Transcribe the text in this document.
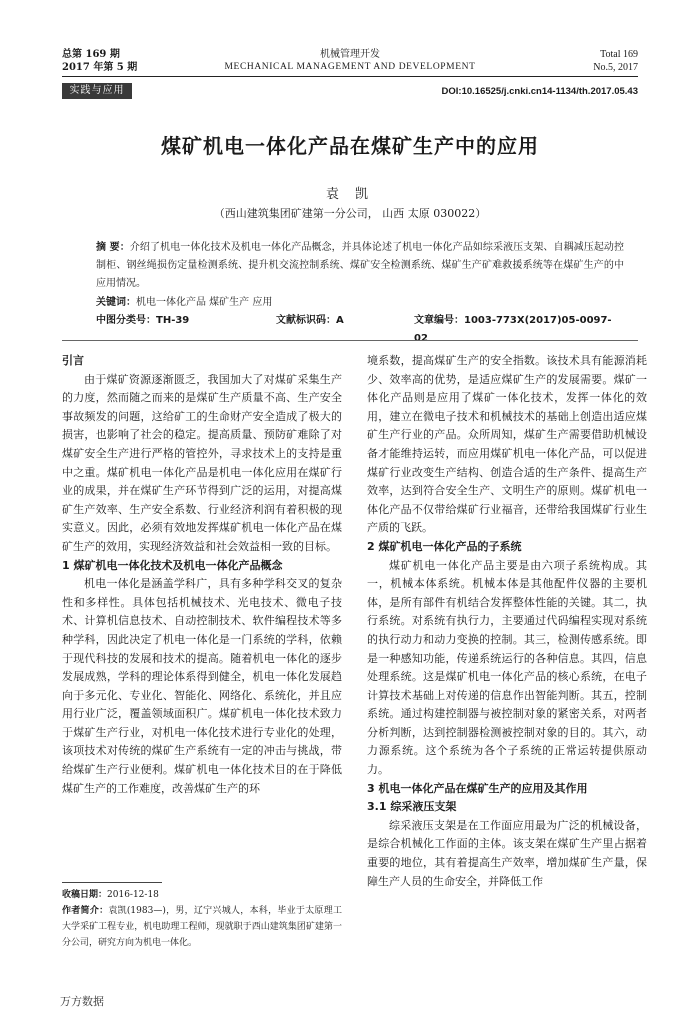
总第 169 期
2017 年第 5 期
机械管理开发
MECHANICAL MANAGEMENT AND DEVELOPMENT
Total 169
No.5, 2017
实践与应用	DOI:10.16525/j.cnki.cn14-1134/th.2017.05.43
煤矿机电一体化产品在煤矿生产中的应用
袁 凯
（西山建筑集团矿建第一分公司， 山西 太原 030022）
摘 要：介绍了机电一体化技术及机电一体化产品概念，并具体论述了机电一体化产品如综采液压支架、自耦减压起动控制柜、钢丝绳损伤定量检测系统、提升机交流控制系统、煤矿安全检测系统、煤矿生产矿难救援系统等在煤矿生产的中应用情况。
关键词：机电一体化产品 煤矿生产 应用
中图分类号：TH-39	文献标识码：A	文章编号：1003-773X(2017)05-0097-02
引言

由于煤矿资源逐渐匮乏，我国加大了对煤矿采集生产的力度，然而随之而来的是煤矿生产质量不高、生产安全事故频发的问题，这给矿工的生命财产安全造成了极大的损害，也影响了社会的稳定。提高质量、预防矿难除了对煤矿安全生产进行严格的管控外，寻求技术上的支持是重中之重。煤矿机电一体化产品是机电一体化应用在煤矿行业的成果，并在煤矿生产环节得到广泛的运用，对提高煤矿生产效率、生产安全系数、行业经济利润有着积极的现实意义。因此，必须有效地发挥煤矿机电一体化产品在煤矿生产的效用，实现经济效益和社会效益相一致的目标。

1 煤矿机电一体化技术及机电一体化产品概念

机电一体化是涵盖学科广，具有多种学科交叉的复杂性和多样性。具体包括机械技术、光电技术、微电子技术、计算机信息技术、自动控制技术、软件编程技术等多种学科，因此决定了机电一体化是一门系统的学科，依赖于现代科技的发展和技术的提高。随着机电一体化的逐步发展成熟，学科的理论体系得到健全，机电一体化发展趋向于多元化、专业化、智能化、网络化、系统化，并且应用行业广泛，覆盖领域面积广。煤矿机电一体化技术致力于煤矿生产行业，对机电一体化技术进行专业化的处理，该项技术对传统的煤矿生产系统有一定的冲击与挑战，带给煤矿生产行业便利。煤矿机电一体化技术目的在于降低煤矿生产的工作难度，改善煤矿生产的环

境系数，提高煤矿生产的安全指数。该技术具有能源消耗少、效率高的优势，是适应煤矿生产的发展需要。煤矿一体化产品则是应用了煤矿一体化技术，发挥一体化的效用，建立在微电子技术和机械技术的基础上创造出适应煤矿生产行业的产品。众所周知，煤矿生产需要借助机械设备才能维持运转，而应用煤矿机电一体化产品，可以促进煤矿行业改变生产结构、创造合适的生产条件、提高生产效率，达到符合安全生产、文明生产的原则。煤矿机电一体化产品不仅带给煤矿行业福音，还带给我国煤矿行业生产质的飞跃。

2 煤矿机电一体化产品的子系统

煤矿机电一体化产品主要是由六项子系统构成。其一，机械本体系统。机械本体是其他配件仪器的主要机体，是所有部件有机结合发挥整体性能的关键。其二，执行系统。对系统有执行力，主要通过代码编程实现对系统的执行动力和动力变换的控制。其三，检测传感系统。即是一种感知功能，传递系统运行的各种信息。其四，信息处理系统。这是煤矿机电一体化产品的核心系统，在电子计算技术基础上对传递的信息作出智能判断。其五，控制系统。通过构建控制器与被控制对象的紧密关系，对两者分析判断，达到控制器检测被控制对象的目的。其六，动力源系统。这个系统为各个子系统的正常运转提供原动力。

3 机电一体化产品在煤矿生产的应用及其作用
3.1 综采液压支架

综采液压支架是在工作面应用最为广泛的机械设备，是综合机械化工作面的主体。该支架在煤矿生产里占据着重要的地位，其有着提高生产效率，增加煤矿生产量，保障生产人员的生命安全，并降低工作

收稿日期：2016-12-18
作者简介：袁凯(1983—)，男，辽宁兴城人，本科，毕业于太原理工大学采矿工程专业，机电助理工程师，现就职于西山建筑集团矿建第一分公司，研究方向为机电一体化。
万方数据
